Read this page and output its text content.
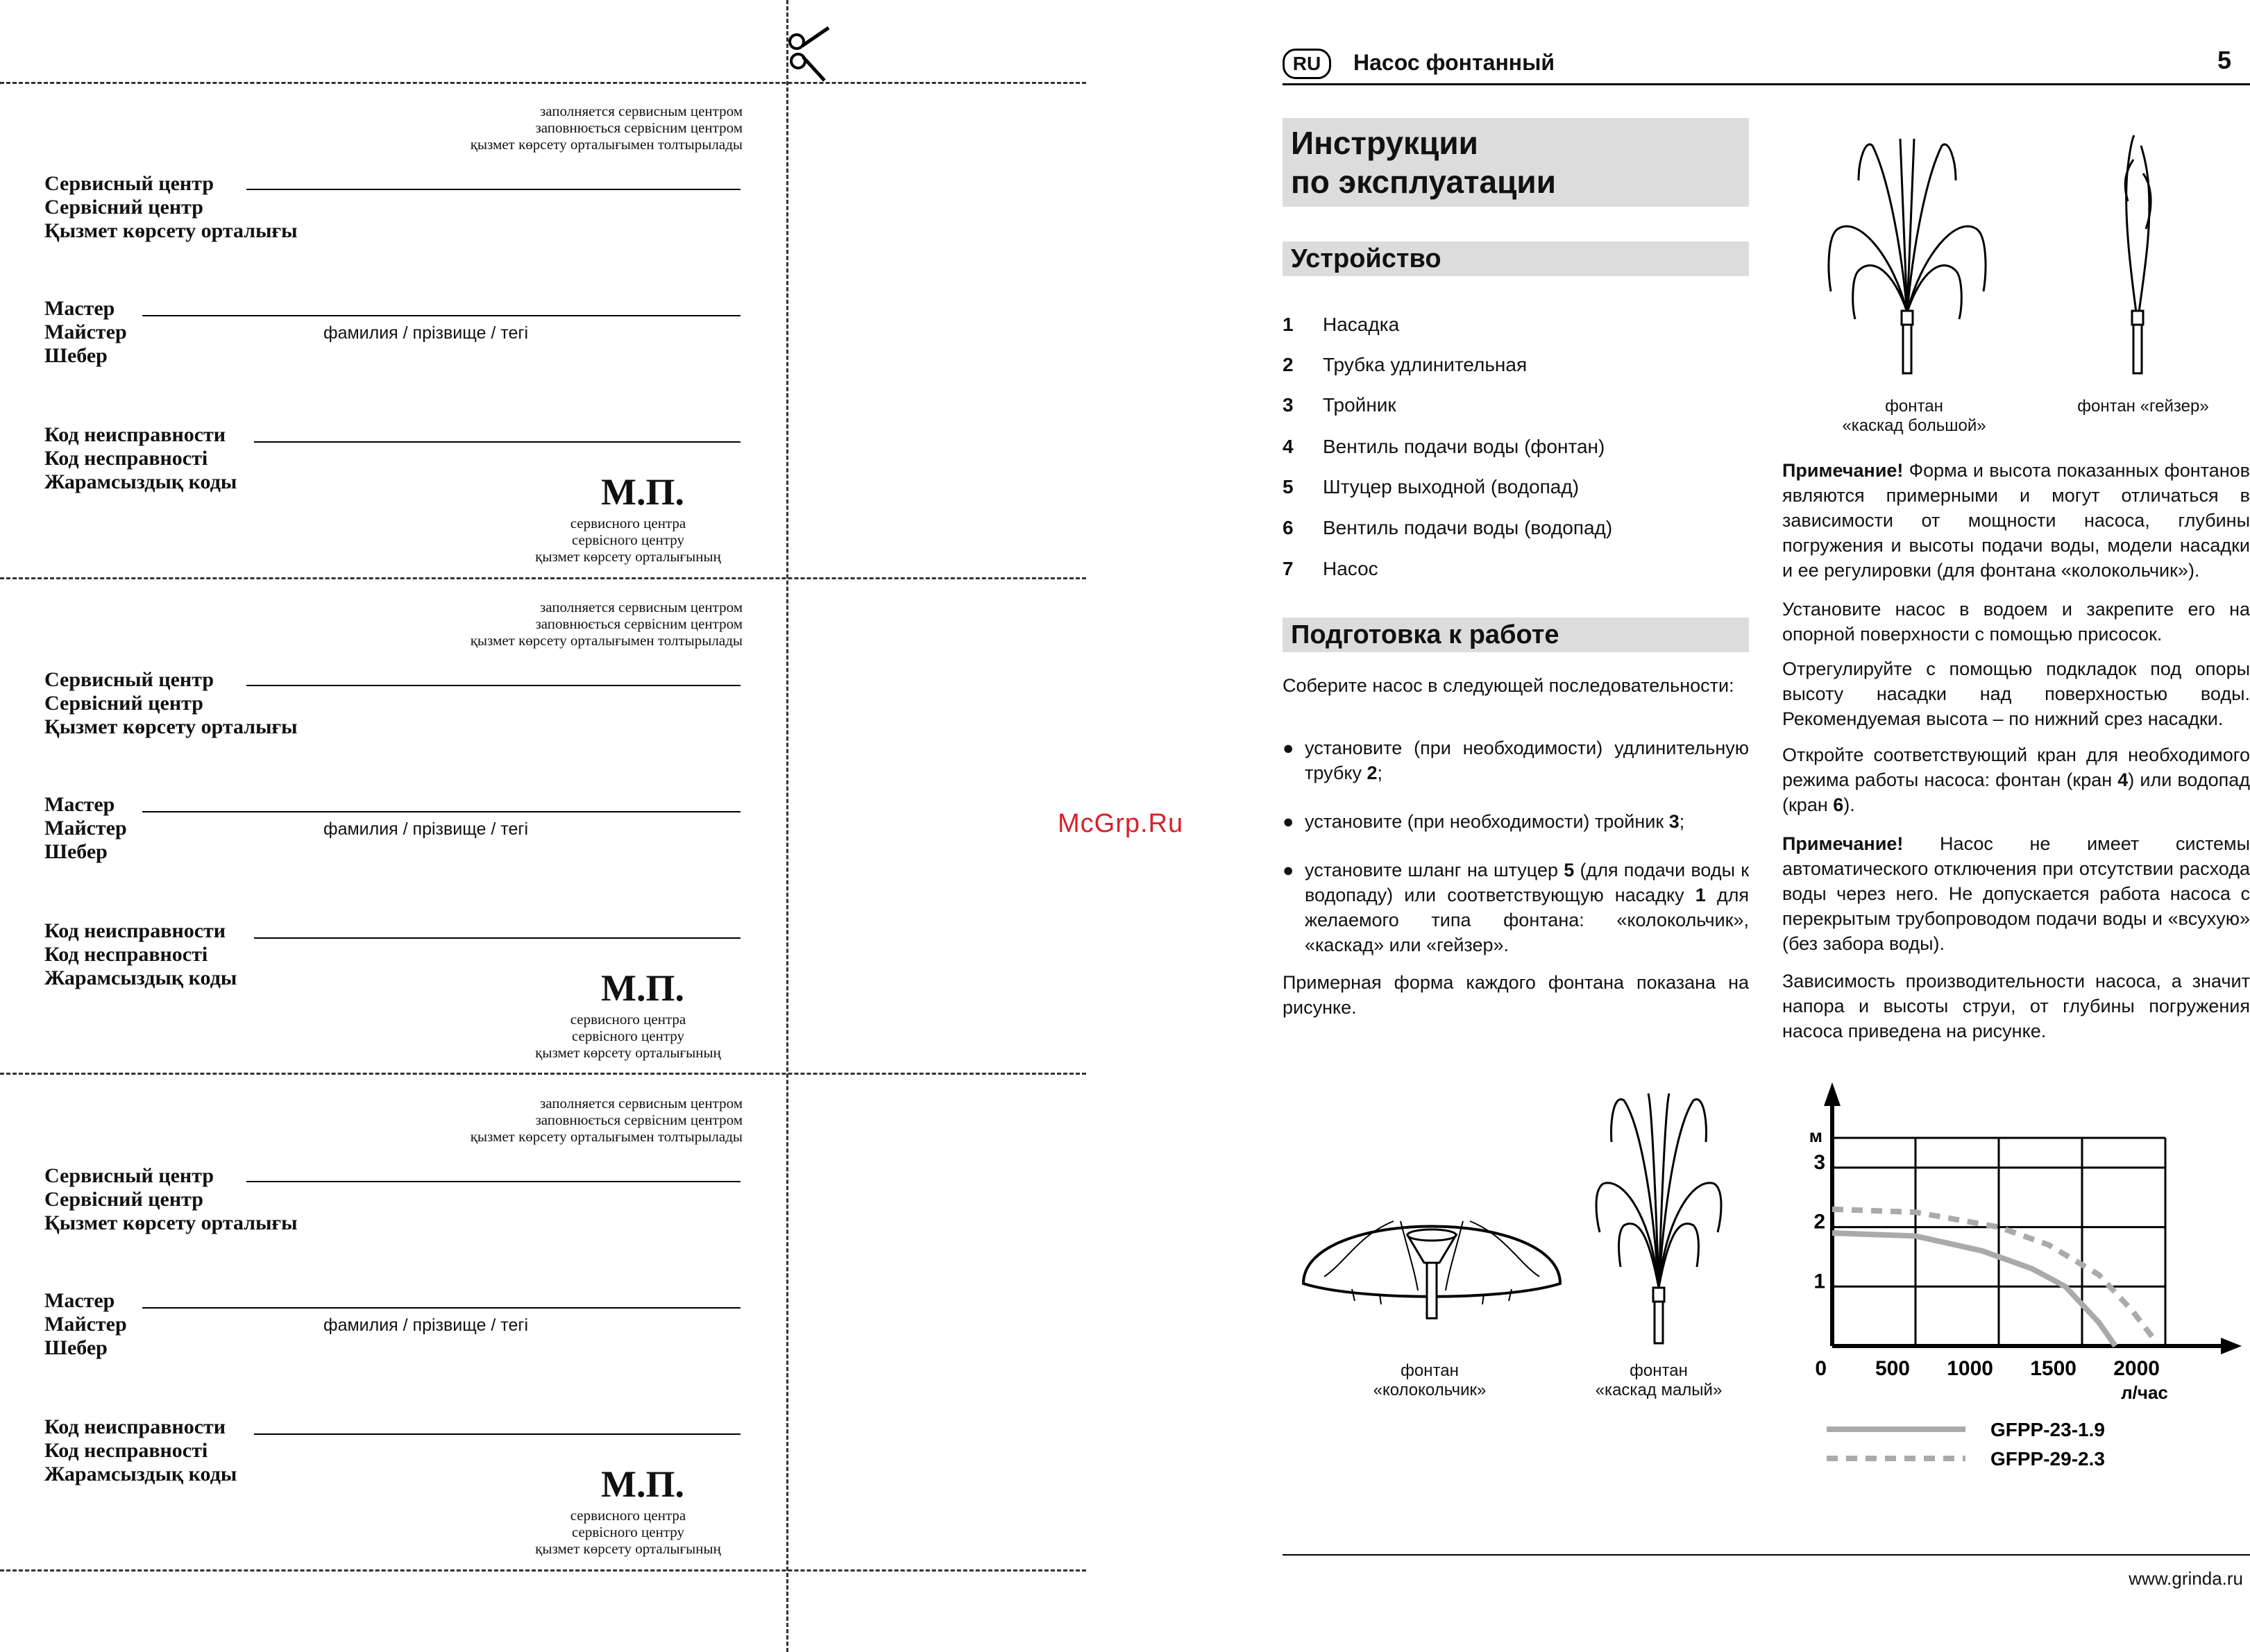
заполняется сервисным центром
заповнюється сервісним центром
қызмет көрсету орталығымен толтырылады
Сервисный центр
Сервісний центр
Қызмет көрсету орталығы
Мастер
Майстер
Шебер
фамилия / прізвище / тегі
Код неисправности
Код несправності
Жарамсыздық коды	М.П.
сервисного центра
сервісного центру
қызмет көрсету орталығының
заполняется сервисным центром
заповнюється сервісним центром
қызмет көрсету орталығымен толтырылады
Сервисный центр
Сервісний центр
Қызмет көрсету орталығы
Мастер
Майстер
Шебер
фамилия / прізвище / тегі
Код неисправности
Код несправності
Жарамсыздық коды	М.П.
сервисного центра
сервісного центру
қызмет көрсету орталығының
заполняется сервисным центром
заповнюється сервісним центром
қызмет көрсету орталығымен толтырылады
Сервисный центр
Сервісний центр
Қызмет көрсету орталығы
Мастер
Майстер
Шебер
фамилия / прізвище / тегі
Код неисправности
Код несправності
Жарамсыздық коды	М.П.
сервисного центра
сервісного центру
қызмет көрсету орталығының
McGrp.Ru
RU	Насос фонтанный	5
Инструкции
по эксплуатации
Устройство
1 Насадка
2 Трубка удлинительная
3 Тройник
4 Вентиль подачи воды (фонтан)
5 Штуцер выходной (водопад)
6 Вентиль подачи воды (водопад)
7 Насос
Подготовка к работе
Соберите насос в следующей последовательности:
● установите (при необходимости) удлинительную трубку 2;
● установите (при необходимости) тройник 3;
● установите шланг на штуцер 5 (для подачи воды к водопаду) или соответствующую насадку 1 для желаемого типа фонтана: «колокольчик», «каскад» или «гейзер».
Примерная форма каждого фонтана показана на рисунке.
фонтан
«колокольчик»
фонтан
«каскад малый»
фонтан
«каскад большой»
фонтан «гейзер»
Примечание! Форма и высота показанных фонтанов являются примерными и могут отличаться в зависимости от мощности насоса, глубины погружения и высоты подачи воды, модели насадки и ее регулировки (для фонтана «колокольчик»).
Установите насос в водоем и закрепите его на опорной поверхности с помощью присосок.
Отрегулируйте с помощью подкладок под опоры высоту насадки над поверхностью воды. Рекомендуемая высота – по нижний срез насадки.
Откройте соответствующий кран для необходимого режима работы насоса: фонтан (кран 4) или водопад (кран 6).
Примечание! Насос не имеет системы автоматического отключения при отсутствии расхода воды через него. Не допускается работа насоса с перекрытым трубопроводом подачи воды и «всухую» (без забора воды).
Зависимость производительности насоса, а значит напора и высоты струи, от глубины погружения насоса приведена на рисунке.
0 500 1000 1500 2000
1
2
3
м
л/час
GFPP-23-1.9
GFPP-29-2.3
www.grinda.ru
